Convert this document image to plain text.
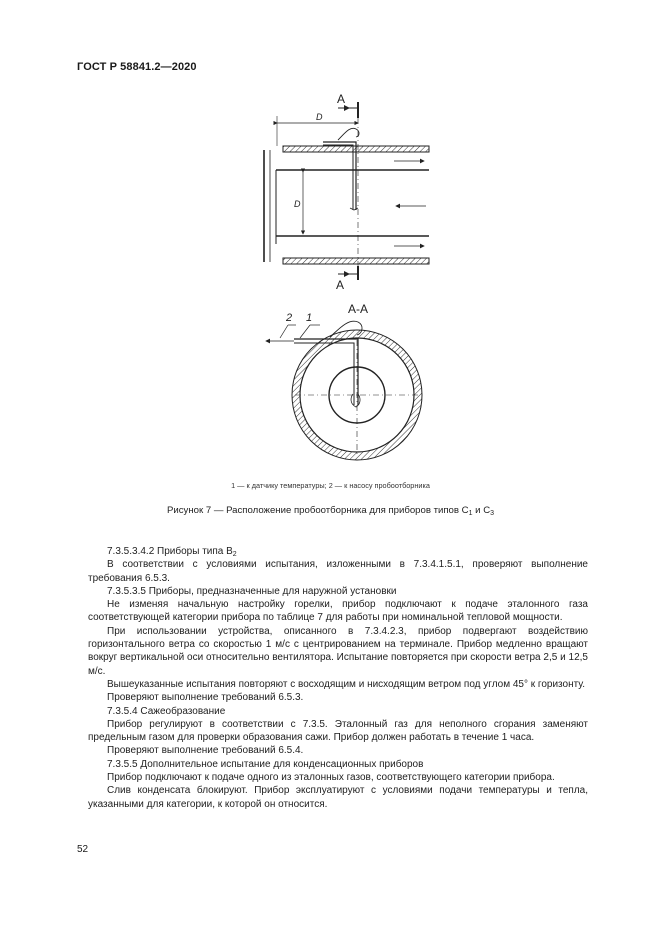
ГОСТ Р 58841.2—2020
A
A
D
D
A-A
1
2
1 — к датчику температуры; 2 — к насосу пробоотборника
Рисунок 7 — Расположение пробоотборника для приборов типов $C_1$ и $C_3$

7.3.5.3.4.2 Приборы типа $B_2$

В соответствии с условиями испытания, изложенными в 7.3.4.1.5.1, проверяют выполнение требования 6.5.3.

7.3.5.3.5 Приборы, предназначенные для наружной установки

Не изменяя начальную настройку горелки, прибор подключают к подаче эталонного газа соответствующей категории прибора по таблице 7 для работы при номинальной тепловой мощности.

При использовании устройства, описанного в 7.3.4.2.3, прибор подвергают воздействию горизонтального ветра со скоростью 1 м/с с центрированием на терминале. Прибор медленно вращают вокруг вертикальной оси относительно вентилятора. Испытание повторяется при скорости ветра 2,5 и 12,5 м/с.

Вышеуказанные испытания повторяют с восходящим и нисходящим ветром под углом 45° к горизонту.

Проверяют выполнение требований 6.5.3.

7.3.5.4 Сажеобразование

Прибор регулируют в соответствии с 7.3.5. Эталонный газ для неполного сгорания заменяют предельным газом для проверки образования сажи. Прибор должен работать в течение 1 часа.

Проверяют выполнение требований 6.5.4.

7.3.5.5 Дополнительное испытание для конденсационных приборов

Прибор подключают к подаче одного из эталонных газов, соответствующего категории прибора.

Слив конденсата блокируют. Прибор эксплуатируют с условиями подачи температуры и тепла, указанными для категории, к которой он относится.

52
